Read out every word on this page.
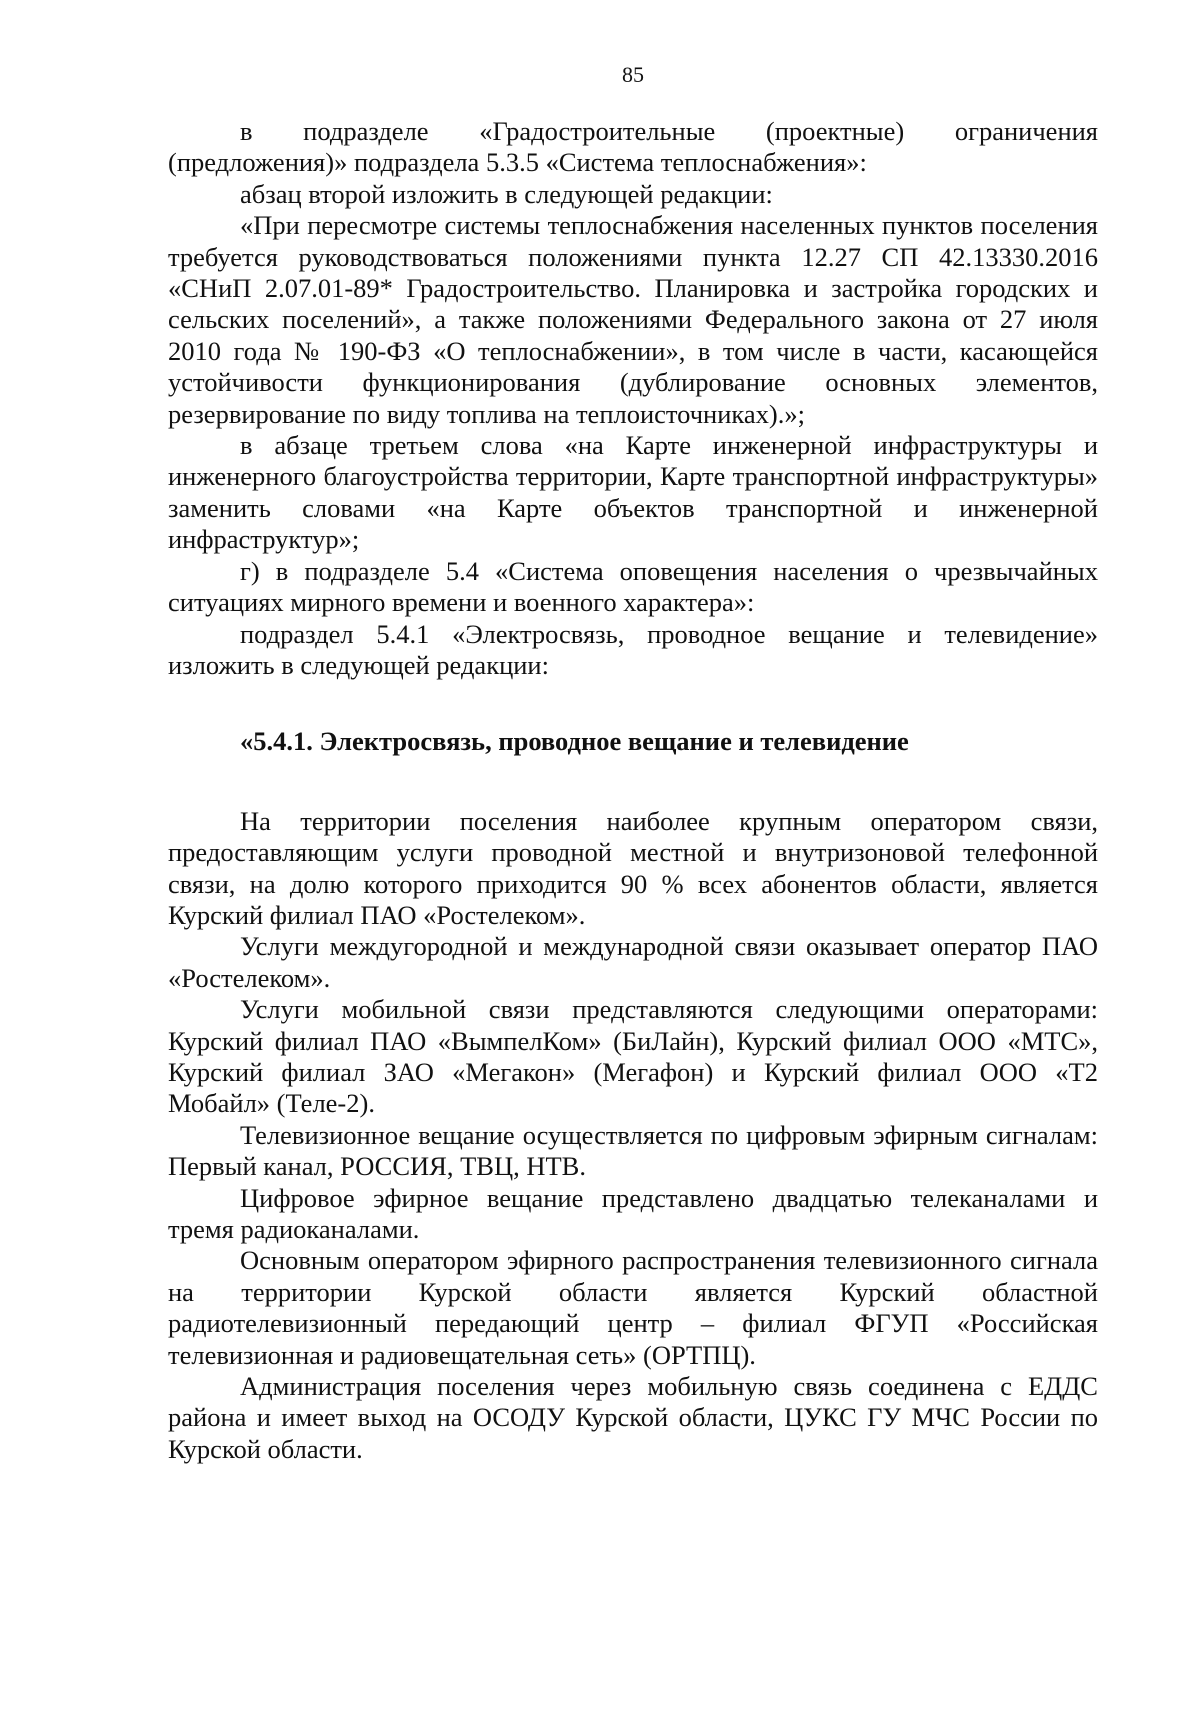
85

в подразделе «Градостроительные (проектные) ограничения (предложения)» подраздела 5.3.5 «Система теплоснабжения»:

абзац второй изложить в следующей редакции:

«При пересмотре системы теплоснабжения населенных пунктов поселения требуется руководствоваться положениями пункта 12.27 СП 42.13330.2016 «СНиП 2.07.01-89* Градостроительство. Планировка и застройка городских и сельских поселений», а также положениями Федерального закона от 27 июля 2010 года № 190-ФЗ «О теплоснабжении», в том числе в части, касающейся устойчивости функционирования (дублирование основных элементов, резервирование по виду топлива на теплоисточниках).»;

в абзаце третьем слова «на Карте инженерной инфраструктуры и инженерного благоустройства территории, Карте транспортной инфраструктуры» заменить словами «на Карте объектов транспортной и инженерной инфраструктур»;

г) в подразделе 5.4 «Система оповещения населения о чрезвычайных ситуациях мирного времени и военного характера»:

подраздел 5.4.1 «Электросвязь, проводное вещание и телевидение» изложить в следующей редакции:

«5.4.1. Электросвязь, проводное вещание и телевидение

На территории поселения наиболее крупным оператором связи, предоставляющим услуги проводной местной и внутризоновой телефонной связи, на долю которого приходится 90 % всех абонентов области, является Курский филиал ПАО «Ростелеком».

Услуги междугородной и международной связи оказывает оператор ПАО «Ростелеком».

Услуги мобильной связи представляются следующими операторами: Курский филиал ПАО «ВымпелКом» (БиЛайн), Курский филиал ООО «МТС», Курский филиал ЗАО «Мегакон» (Мегафон) и Курский филиал ООО «Т2 Мобайл» (Теле-2).

Телевизионное вещание осуществляется по цифровым эфирным сигналам: Первый канал, РОССИЯ, ТВЦ, НТВ.

Цифровое эфирное вещание представлено двадцатью телеканалами и тремя радиоканалами.

Основным оператором эфирного распространения телевизионного сигнала на территории Курской области является Курский областной радиотелевизионный передающий центр – филиал ФГУП «Российская телевизионная и радиовещательная сеть» (ОРТПЦ).

Администрация поселения через мобильную связь соединена с ЕДДС района и имеет выход на ОСОДУ Курской области, ЦУКС ГУ МЧС России по Курской области.
